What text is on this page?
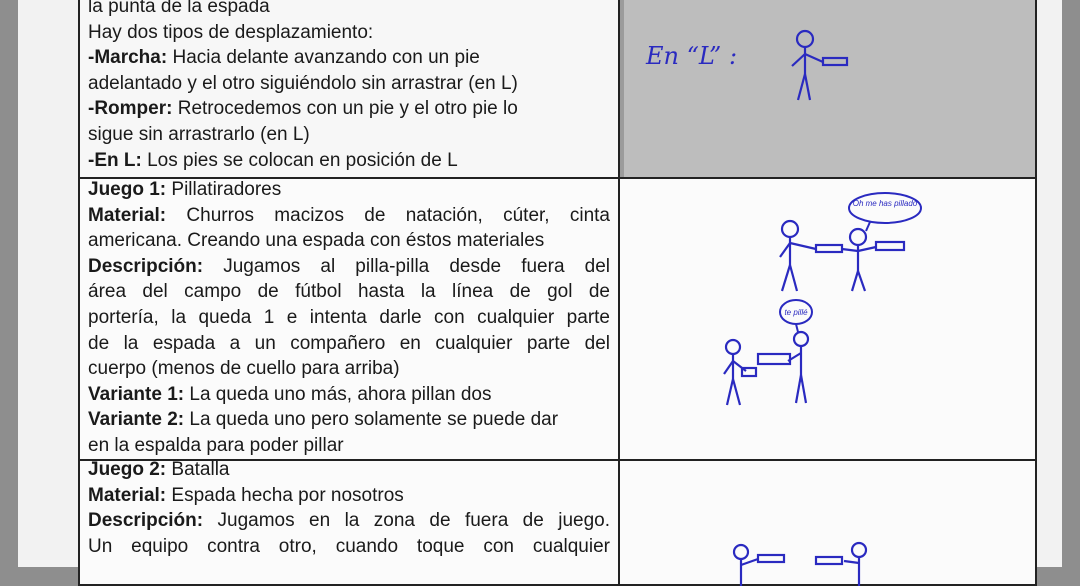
la punta de la espada
Hay dos tipos de desplazamiento:
-Marcha: Hacia delante avanzando con un pie
adelantado y el otro siguiéndolo sin arrastrar (en L)
-Romper: Retrocedemos con un pie y el otro pie lo
sigue sin arrastrarlo (en L)
-En L: Los pies se colocan en posición de L
En “L” :
Juego 1: Pillatiradores
Material: Churros macizos de natación, cúter, cinta
americana. Creando una espada con éstos materiales
Descripción: Jugamos al pilla-pilla desde fuera del
área del campo de fútbol hasta la línea de gol de
portería, la queda 1 e intenta darle con cualquier parte
de la espada a un compañero en cualquier parte del
cuerpo (menos de cuello para arriba)
Variante 1: La queda uno más, ahora pillan dos
Variante 2: La queda uno pero solamente se puede dar
en la espalda para poder pillar
Oh me has pillado
te pillé
Juego 2: Batalla
Material: Espada hecha por nosotros
Descripción: Jugamos en la zona de fuera de juego.
Un equipo contra otro, cuando toque con cualquier
